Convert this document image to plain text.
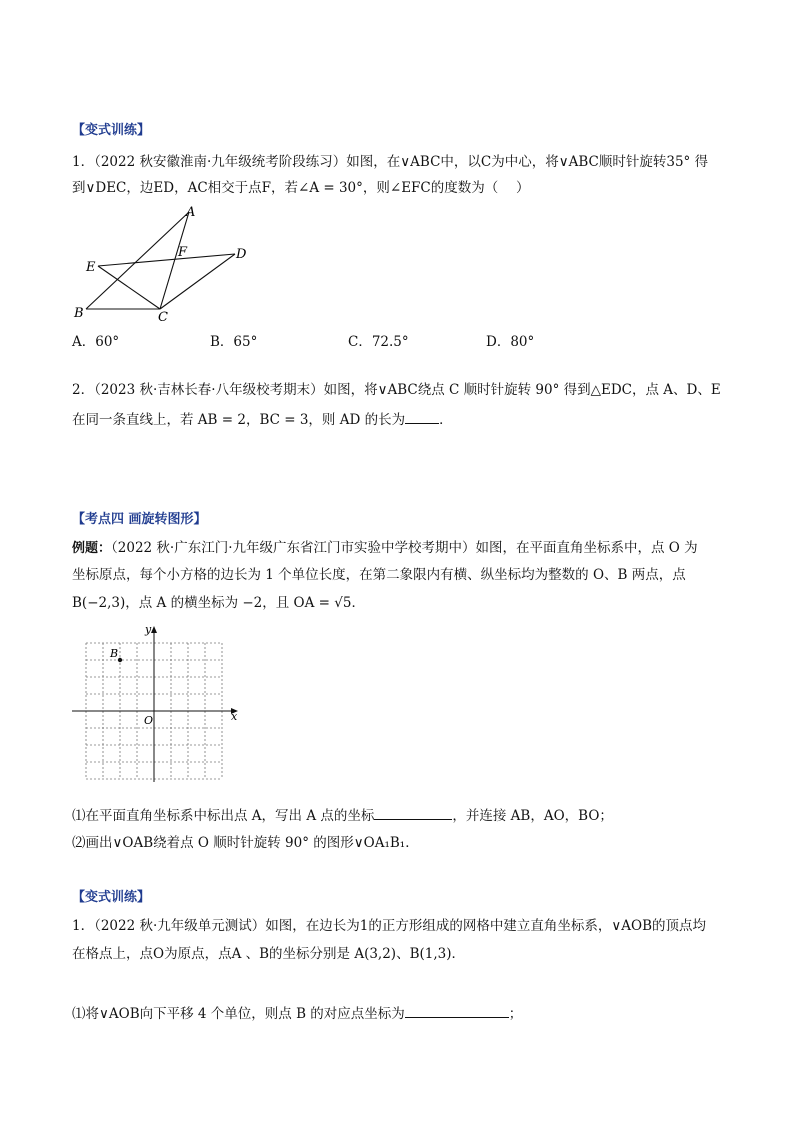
【变式训练】
1．（2022 秋安徽淮南·九年级统考阶段练习）如图，在∨ABC中，以C为中心，将∨ABC顺时针旋转35° 得
到∨DEC，边ED，AC相交于点F，若∠A = 30°，则∠EFC的度数为（　 ）
A
B	C
D
E
F
A．60°	B．65°	C．72.5°	D．80°
2．（2023 秋·吉林长春·八年级校考期末）如图，将∨ABC绕点 C 顺时针旋转 90° 得到△EDC，点 A、D、E
在同一条直线上，若 AB = 2，BC = 3，则 AD 的长为	．
【考点四 画旋转图形】
例题：（2022 秋·广东江门·九年级广东省江门市实验中学校考期中）如图，在平面直角坐标系中，点 O 为
坐标原点，每个小方格的边长为 1 个单位长度，在第二象限内有横、纵坐标均为整数的 O、B 两点，点
B(−2,3)，点 A 的横坐标为 −2，且 OA = √5．
B
O
y
x
⑴在平面直角坐标系中标出点 A，写出 A 点的坐标	，并连接 AB，AO，BO；
⑵画出∨OAB绕着点 O 顺时针旋转 90° 的图形∨OA₁B₁．
【变式训练】
1．（2022 秋·九年级单元测试）如图，在边长为1的正方形组成的网格中建立直角坐标系，∨AOB的顶点均
在格点上，点O为原点，点A 、B的坐标分别是 A(3,2)、B(1,3)．
⑴将∨AOB向下平移 4 个单位，则点 B 的对应点坐标为	；
